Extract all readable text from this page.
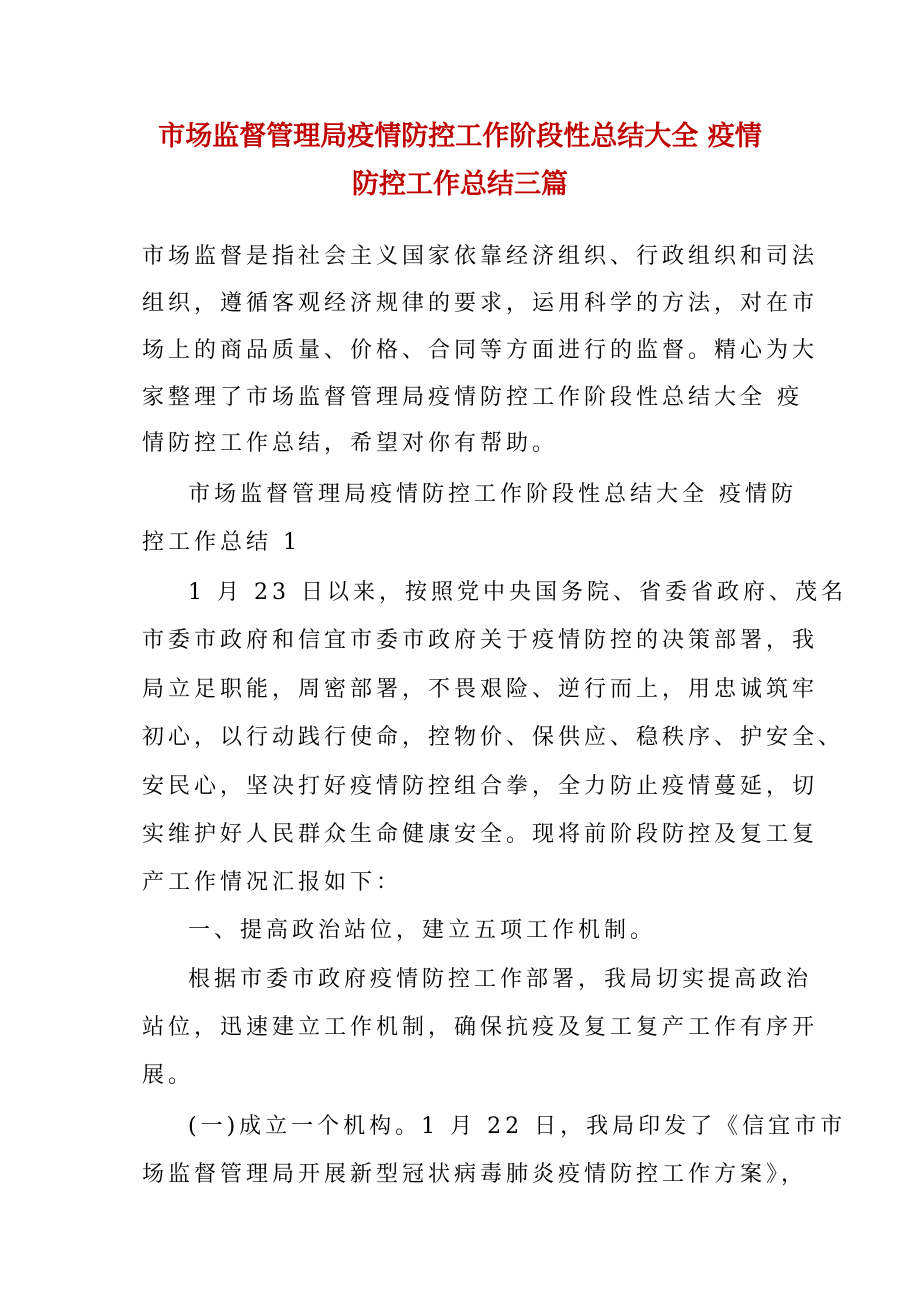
市场监督管理局疫情防控工作阶段性总结大全 疫情
防控工作总结三篇

市场监督是指社会主义国家依靠经济组织、行政组织和司法

组织，遵循客观经济规律的要求，运用科学的方法，对在市

场上的商品质量、价格、合同等方面进行的监督。精心为大

家整理了市场监督管理局疫情防控工作阶段性总结大全 疫

情防控工作总结，希望对你有帮助。

市场监督管理局疫情防控工作阶段性总结大全 疫情防

控工作总结 1

1 月 23 日以来，按照党中央国务院、省委省政府、茂名

市委市政府和信宜市委市政府关于疫情防控的决策部署，我

局立足职能，周密部署，不畏艰险、逆行而上，用忠诚筑牢

初心，以行动践行使命，控物价、保供应、稳秩序、护安全、

安民心，坚决打好疫情防控组合拳，全力防止疫情蔓延，切

实维护好人民群众生命健康安全。现将前阶段防控及复工复

产工作情况汇报如下：

一、提高政治站位，建立五项工作机制。

根据市委市政府疫情防控工作部署，我局切实提高政治

站位，迅速建立工作机制，确保抗疫及复工复产工作有序开

展。

(一)成立一个机构。1 月 22 日，我局印发了《信宜市市

场监督管理局开展新型冠状病毒肺炎疫情防控工作方案》，
